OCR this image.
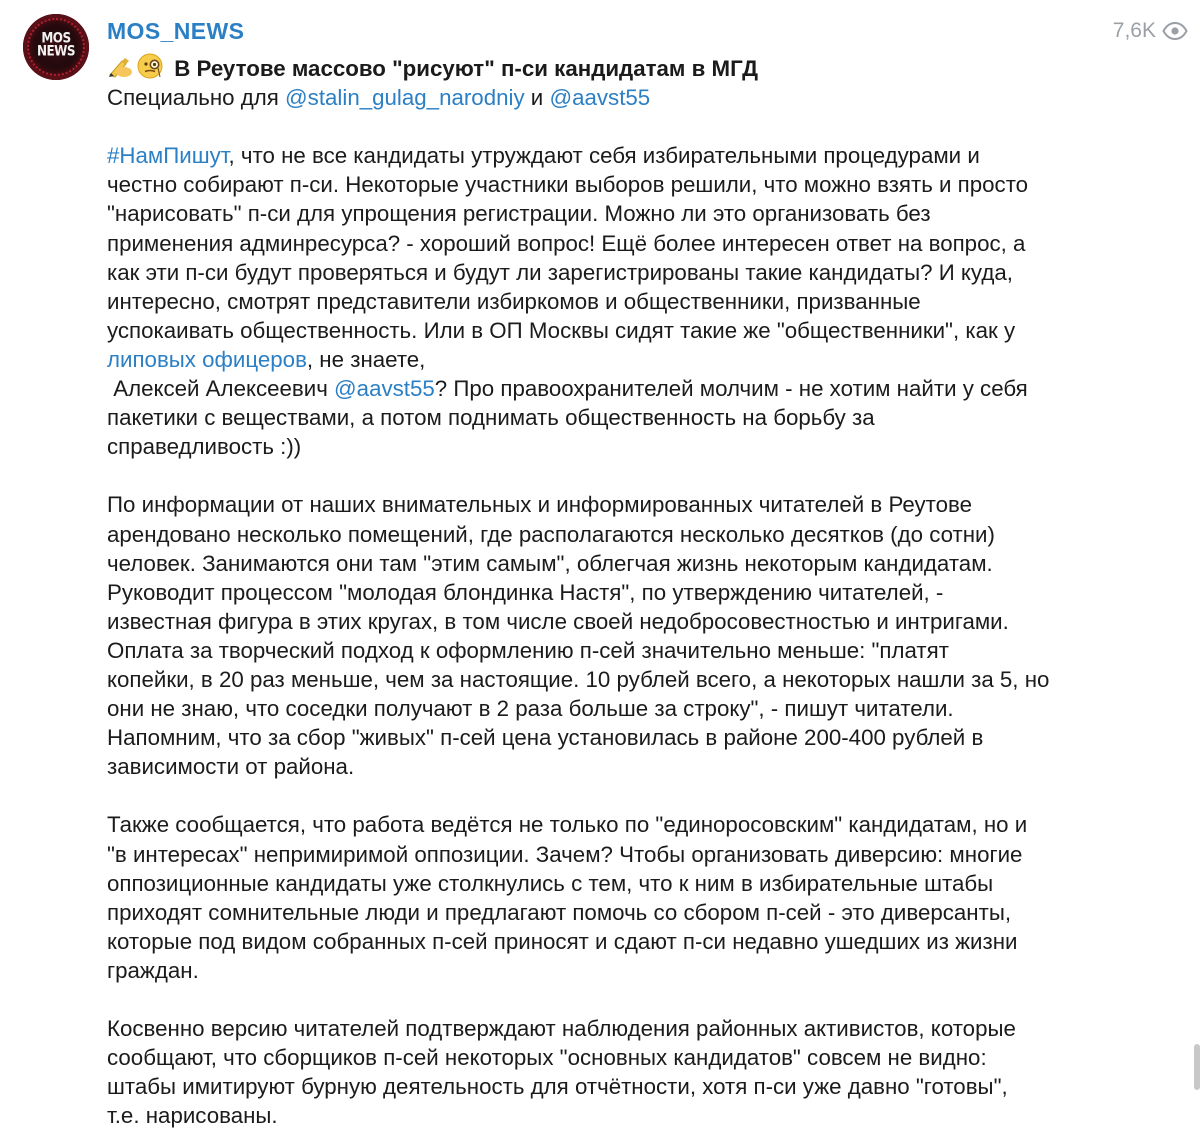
MOS
NEWS
MOS_NEWS	7,6K
В Реутове массово "рисуют" п-си кандидатам в МГД
Специально для @stalin_gulag_narodniy и @aavst55
#НамПишут, что не все кандидаты утруждают себя избирательными процедурами и
честно собирают п-си. Некоторые участники выборов решили, что можно взять и просто
"нарисовать" п-си для упрощения регистрации. Можно ли это организовать без
применения админресурса? - хороший вопрос! Ещё более интересен ответ на вопрос, а
как эти п-си будут проверяться и будут ли зарегистрированы такие кандидаты? И куда,
интересно, смотрят представители избиркомов и общественники, призванные
успокаивать общественность. Или в ОП Москвы сидят такие же "общественники", как у
липовых офицеров, не знаете,
Алексей Алексеевич @aavst55? Про правоохранителей молчим - не хотим найти у себя
пакетики с веществами, а потом поднимать общественность на борьбу за
справедливость :))
По информации от наших внимательных и информированных читателей в Реутове
арендовано несколько помещений, где располагаются несколько десятков (до сотни)
человек. Занимаются они там "этим самым", облегчая жизнь некоторым кандидатам.
Руководит процессом "молодая блондинка Настя", по утверждению читателей, -
известная фигура в этих кругах, в том числе своей недобросовестностью и интригами.
Оплата за творческий подход к оформлению п-сей значительно меньше: "платят
копейки, в 20 раз меньше, чем за настоящие. 10 рублей всего, а некоторых нашли за 5, но
они не знаю, что соседки получают в 2 раза больше за строку", - пишут читатели.
Напомним, что за сбор "живых" п-сей цена установилась в районе 200-400 рублей в
зависимости от района.
Также сообщается, что работа ведётся не только по "единоросовским" кандидатам, но и
"в интересах" непримиримой оппозиции. Зачем? Чтобы организовать диверсию: многие
оппозиционные кандидаты уже столкнулись с тем, что к ним в избирательные штабы
приходят сомнительные люди и предлагают помочь со сбором п-сей - это диверсанты,
которые под видом собранных п-сей приносят и сдают п-си недавно ушедших из жизни
граждан.
Косвенно версию читателей подтверждают наблюдения районных активистов, которые
сообщают, что сборщиков п-сей некоторых "основных кандидатов" совсем не видно:
штабы имитируют бурную деятельность для отчётности, хотя п-си уже давно "готовы",
т.е. нарисованы.
